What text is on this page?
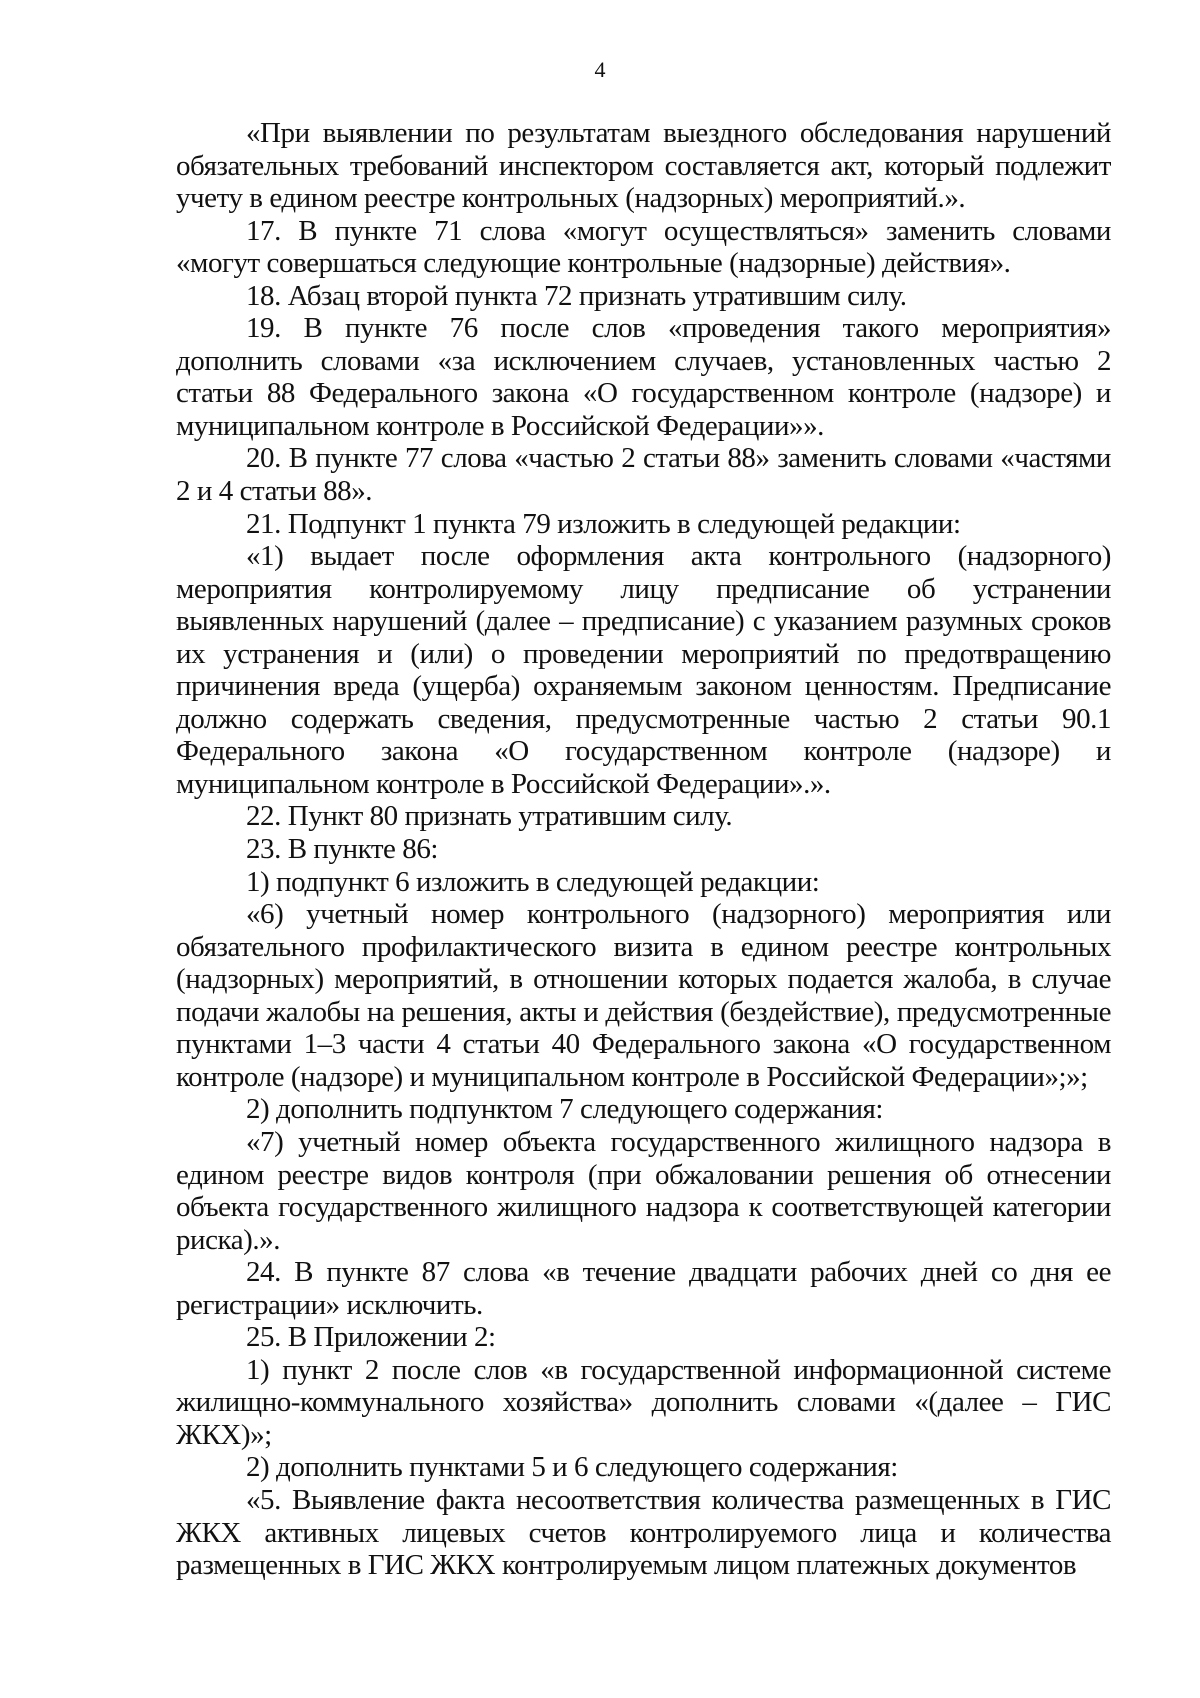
4

«При выявлении по результатам выездного обследования нарушений обязательных требований инспектором составляется акт, который подлежит учету в едином реестре контрольных (надзорных) мероприятий.».

17. В пункте 71 слова «могут осуществляться» заменить словами «могут совершаться следующие контрольные (надзорные) действия».

18. Абзац второй пункта 72 признать утратившим силу.

19. В пункте 76 после слов «проведения такого мероприятия» дополнить словами «за исключением случаев, установленных частью 2 статьи 88 Федерального закона «О государственном контроле (надзоре) и муниципальном контроле в Российской Федерации»».

20. В пункте 77 слова «частью 2 статьи 88» заменить словами «частями 2 и 4 статьи 88».

21. Подпункт 1 пункта 79 изложить в следующей редакции:

«1) выдает после оформления акта контрольного (надзорного) мероприятия контролируемому лицу предписание об устранении выявленных нарушений (далее – предписание) с указанием разумных сроков их устранения и (или) о проведении мероприятий по предотвращению причинения вреда (ущерба) охраняемым законом ценностям. Предписание должно содержать сведения, предусмотренные частью 2 статьи 90.1 Федерального закона «О государственном контроле (надзоре) и муниципальном контроле в Российской Федерации».».

22. Пункт 80 признать утратившим силу.

23. В пункте 86:

1) подпункт 6 изложить в следующей редакции:

«6) учетный номер контрольного (надзорного) мероприятия или обязательного профилактического визита в едином реестре контрольных (надзорных) мероприятий, в отношении которых подается жалоба, в случае подачи жалобы на решения, акты и действия (бездействие), предусмотренные пунктами 1–3 части 4 статьи 40 Федерального закона «О государственном контроле (надзоре) и муниципальном контроле в Российской Федерации»;»;

2) дополнить подпунктом 7 следующего содержания:

«7) учетный номер объекта государственного жилищного надзора в едином реестре видов контроля (при обжаловании решения об отнесении объекта государственного жилищного надзора к соответствующей категории риска).».

24. В пункте 87 слова «в течение двадцати рабочих дней со дня ее регистрации» исключить.

25. В Приложении 2:

1) пункт 2 после слов «в государственной информационной системе жилищно-коммунального хозяйства» дополнить словами «(далее – ГИС ЖКХ)»;

2) дополнить пунктами 5 и 6 следующего содержания:

«5. Выявление факта несоответствия количества размещенных в ГИС ЖКХ активных лицевых счетов контролируемого лица и количества размещенных в ГИС ЖКХ контролируемым лицом платежных документов
